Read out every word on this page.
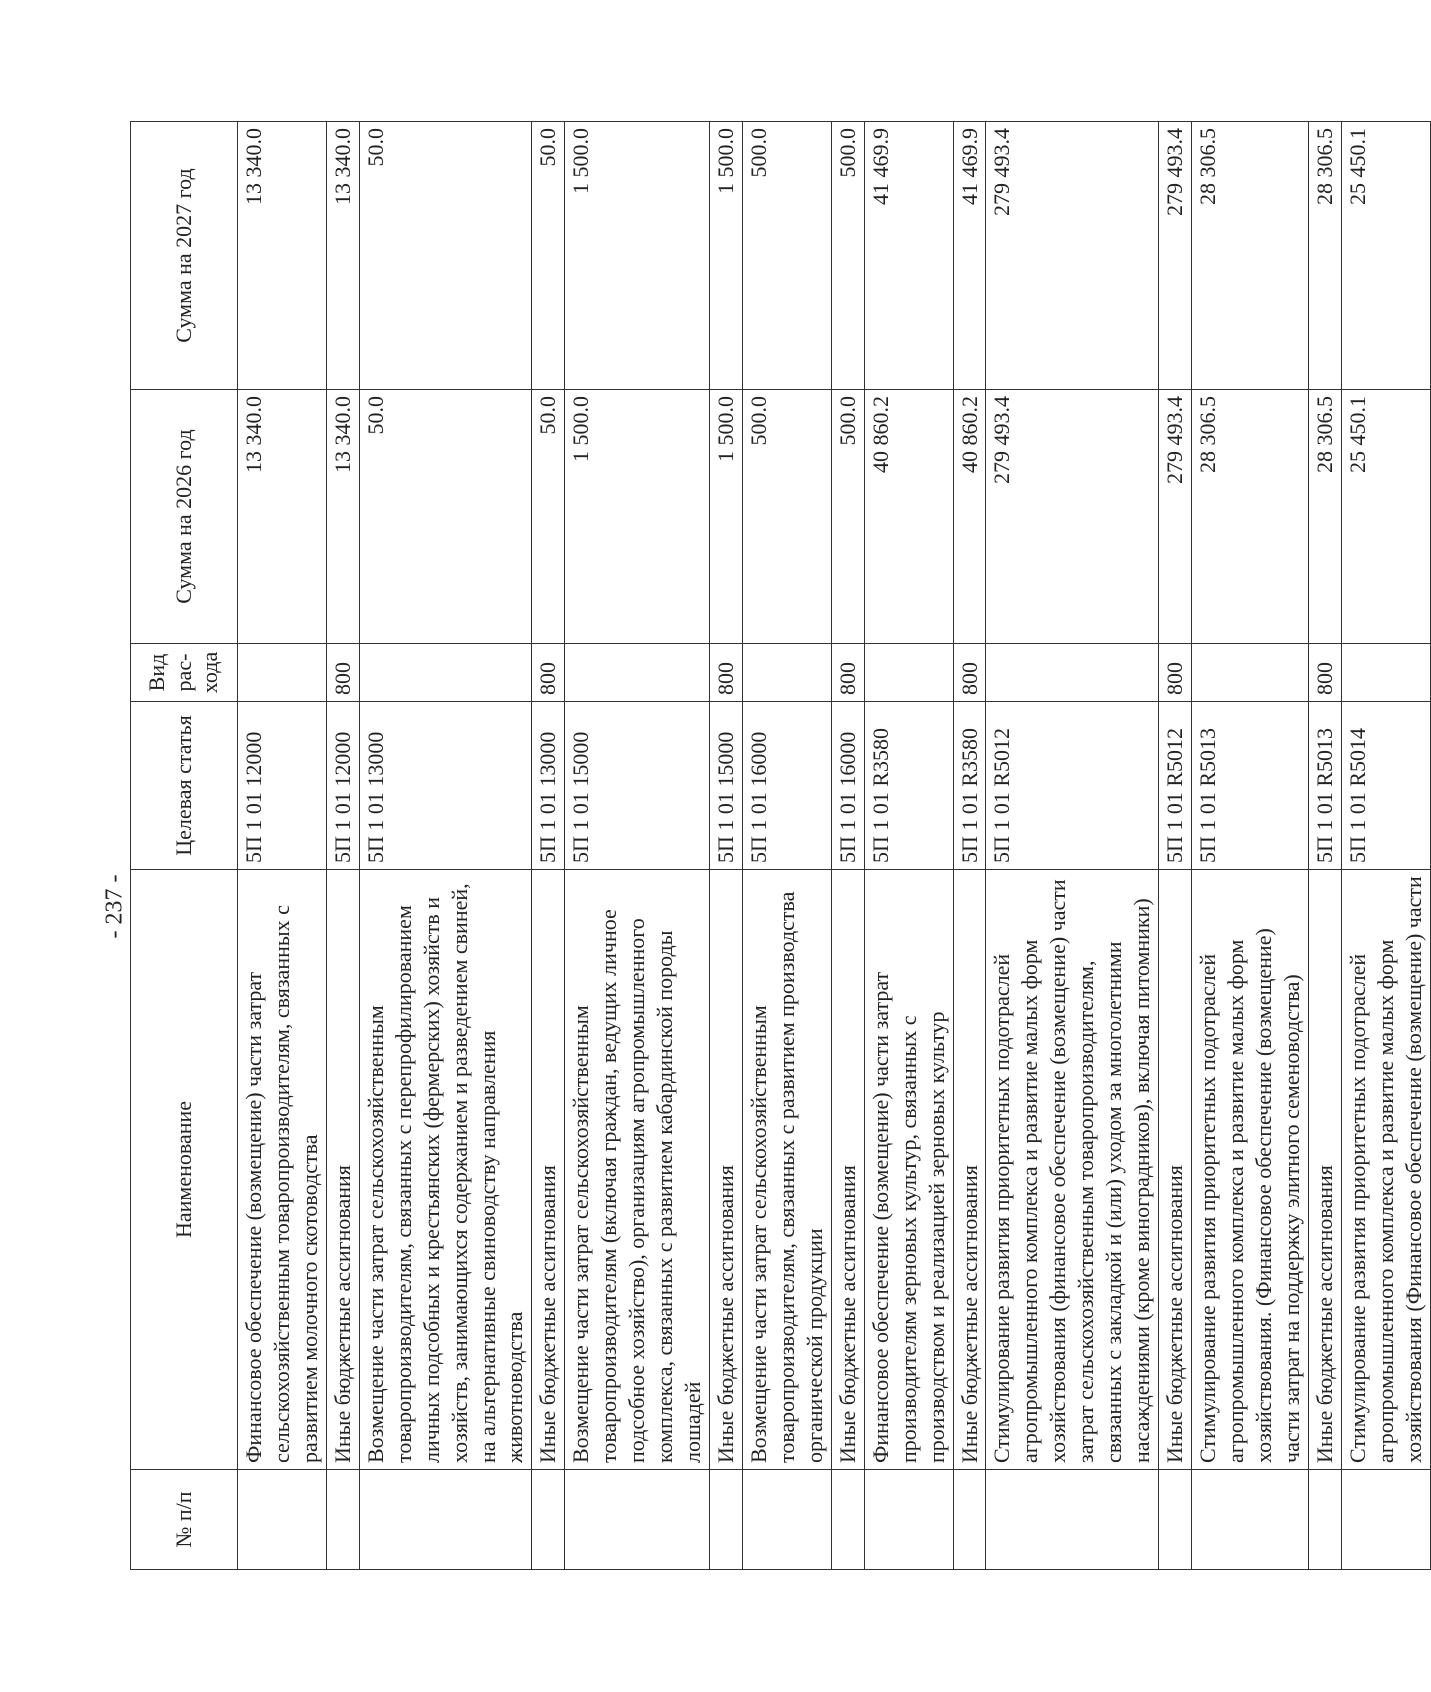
- 237 -
№ п/п	Наименование	Целевая статья	Вид рас-хода	Сумма на 2026 год	Сумма на 2027 год
	Финансовое обеспечение (возмещение) части затрат сельскохозяйственным товаропроизводителям, связанных с развитием молочного скотоводства	5П 1 01 12000		13 340.0	13 340.0
	Иные бюджетные ассигнования	5П 1 01 12000	800	13 340.0	13 340.0
	Возмещение части затрат сельскохозяйственным товаропроизводителям, связанных с перепрофилированием личных подсобных и крестьянских (фермерских) хозяйств и хозяйств, занимающихся содержанием и разведением свиней, на альтернативные свиноводству направления животноводства	5П 1 01 13000		50.0	50.0
	Иные бюджетные ассигнования	5П 1 01 13000	800	50.0	50.0
	Возмещение части затрат сельскохозяйственным товаропроизводителям (включая граждан, ведущих личное подсобное хозяйство), организациям агропромышленного комплекса, связанных с развитием кабардинской породы лошадей	5П 1 01 15000		1 500.0	1 500.0
	Иные бюджетные ассигнования	5П 1 01 15000	800	1 500.0	1 500.0
	Возмещение части затрат сельскохозяйственным товаропроизводителям, связанных с развитием производства органической продукции	5П 1 01 16000		500.0	500.0
	Иные бюджетные ассигнования	5П 1 01 16000	800	500.0	500.0
	Финансовое обеспечение (возмещение) части затрат производителям зерновых культур, связанных с производством и реализацией зерновых культур	5П 1 01 R3580		40 860.2	41 469.9
	Иные бюджетные ассигнования	5П 1 01 R3580	800	40 860.2	41 469.9
	Стимулирование развития приоритетных подотраслей агропромышленного комплекса и развитие малых форм хозяйствования (финансовое обеспечение (возмещение) части затрат сельскохозяйственным товаропроизводителям, связанных с закладкой и (или) уходом за многолетними насаждениями (кроме виноградников), включая питомники)	5П 1 01 R5012		279 493.4	279 493.4
	Иные бюджетные ассигнования	5П 1 01 R5012	800	279 493.4	279 493.4
	Стимулирование развития приоритетных подотраслей агропромышленного комплекса и развитие малых форм хозяйствования. (Финансовое обеспечение (возмещение) части затрат на поддержку элитного семеноводства)	5П 1 01 R5013		28 306.5	28 306.5
	Иные бюджетные ассигнования	5П 1 01 R5013	800	28 306.5	28 306.5
	Стимулирование развития приоритетных подотраслей агропромышленного комплекса и развитие малых форм хозяйствования (Финансовое обеспечение (возмещение) части	5П 1 01 R5014		25 450.1	25 450.1
